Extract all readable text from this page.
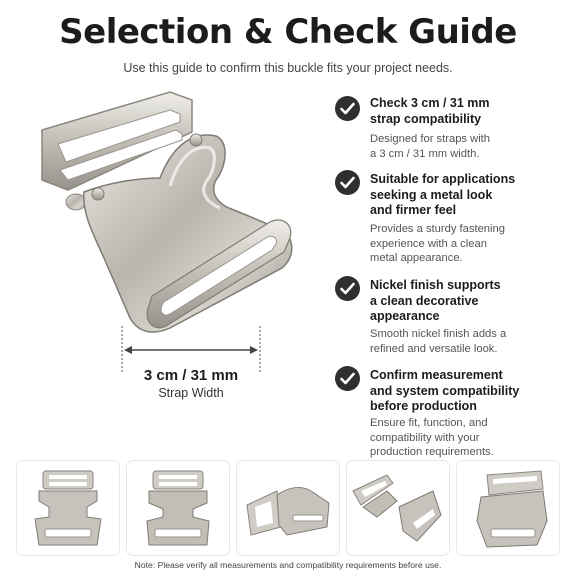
Selection & Check Guide
Use this guide to confirm this buckle fits your project needs.
3 cm / 31 mm
Strap Width
Check 3 cm / 31 mm
strap compatibility
Designed for straps with
a 3 cm / 31 mm width.
Suitable for applications
seeking a metal look
and firmer feel
Provides a sturdy fastening
experience with a clean
metal appearance.
Nickel finish supports
a clean decorative
appearance
Smooth nickel finish adds a
refined and versatile look.
Confirm measurement
and system compatibility
before production
Ensure fit, function, and
compatibility with your
production requirements.
Note: Please verify all measurements and compatibility requirements before use.
